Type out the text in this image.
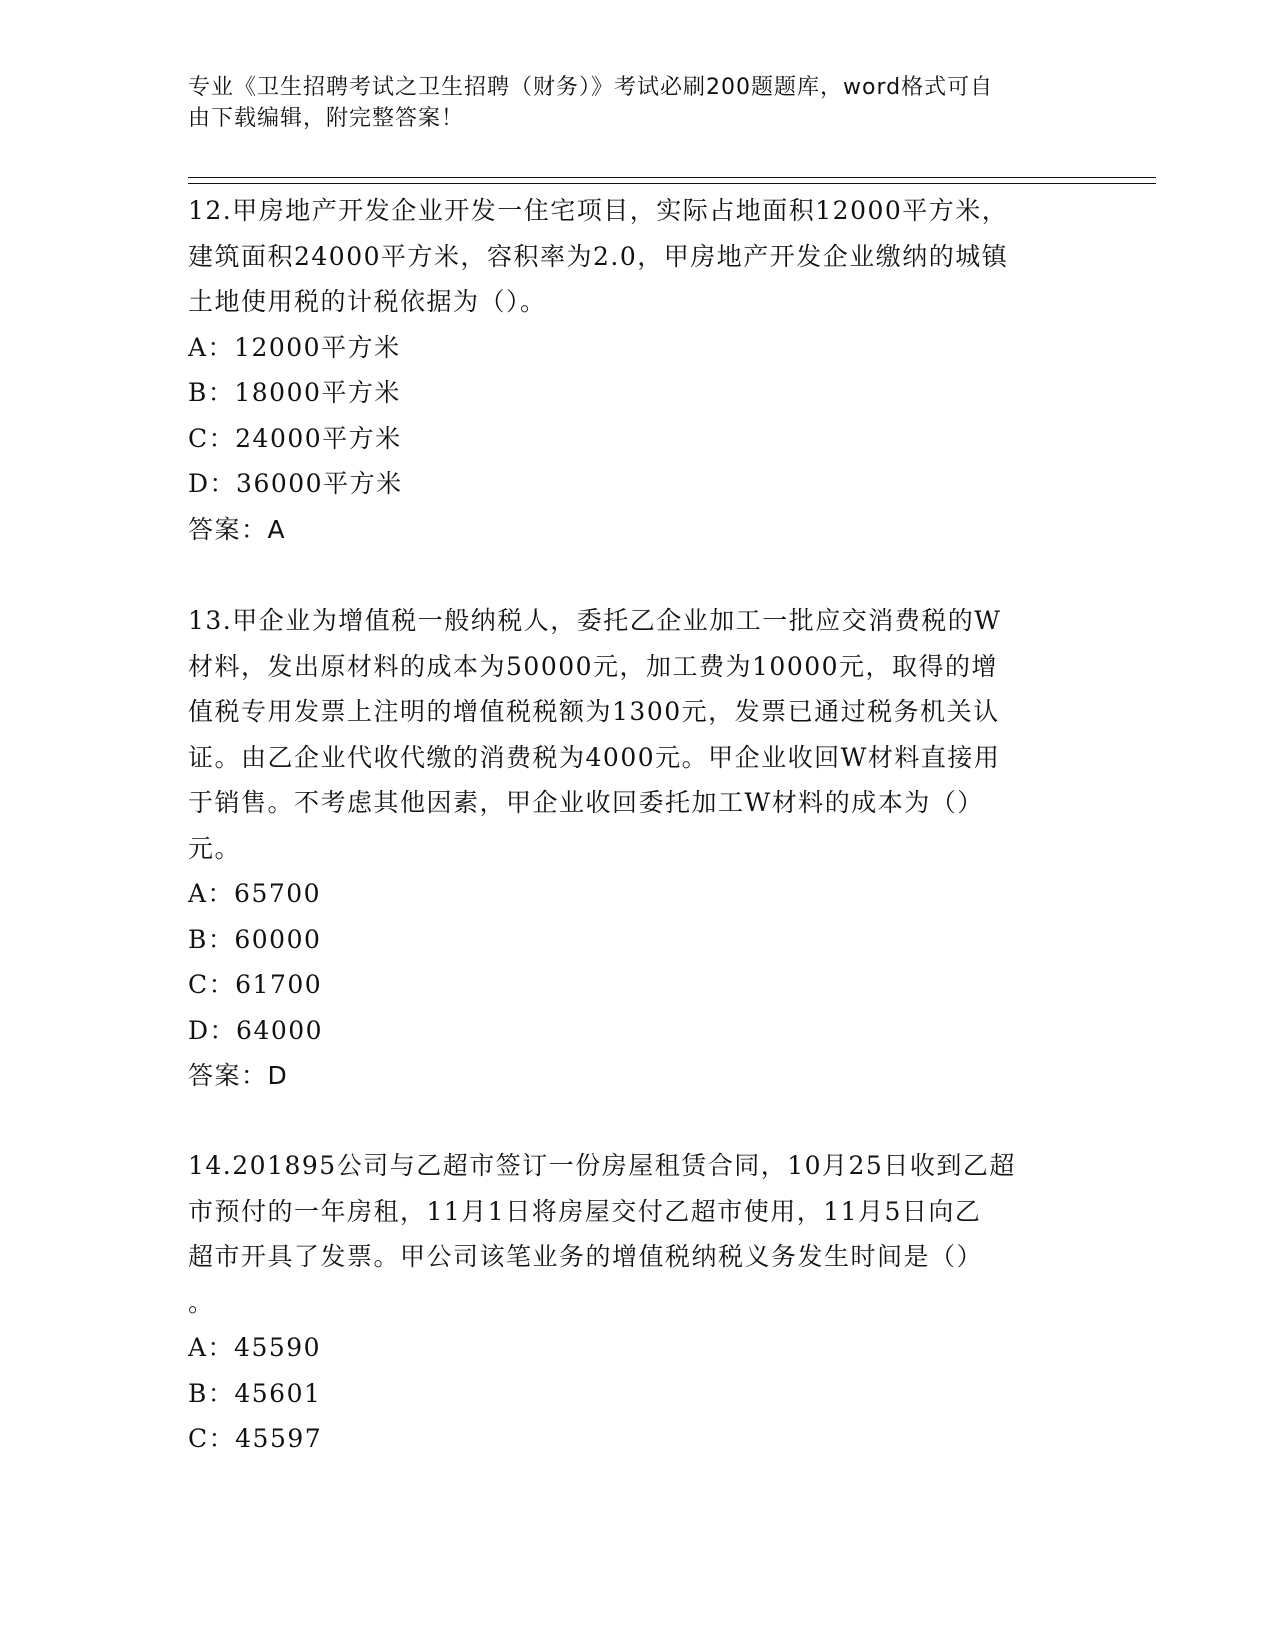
专业《卫生招聘考试之卫生招聘（财务）》考试必刷200题题库，word格式可自
由下载编辑，附完整答案！
12.甲房地产开发企业开发一住宅项目，实际占地面积12000平方米，
建筑面积24000平方米，容积率为2.0，甲房地产开发企业缴纳的城镇
土地使用税的计税依据为（）。
A：12000平方米
B：18000平方米
C：24000平方米
D：36000平方米
答案：A
13.甲企业为增值税一般纳税人，委托乙企业加工一批应交消费税的W
材料，发出原材料的成本为50000元，加工费为10000元，取得的增
值税专用发票上注明的增值税税额为1300元，发票已通过税务机关认
证。由乙企业代收代缴的消费税为4000元。甲企业收回W材料直接用
于销售。不考虑其他因素，甲企业收回委托加工W材料的成本为（）
元。
A：65700
B：60000
C：61700
D：64000
答案：D
14.201895公司与乙超市签订一份房屋租赁合同，10月25日收到乙超
市预付的一年房租，11月1日将房屋交付乙超市使用，11月5日向乙
超市开具了发票。甲公司该笔业务的增值税纳税义务发生时间是（）
。
A：45590
B：45601
C：45597
